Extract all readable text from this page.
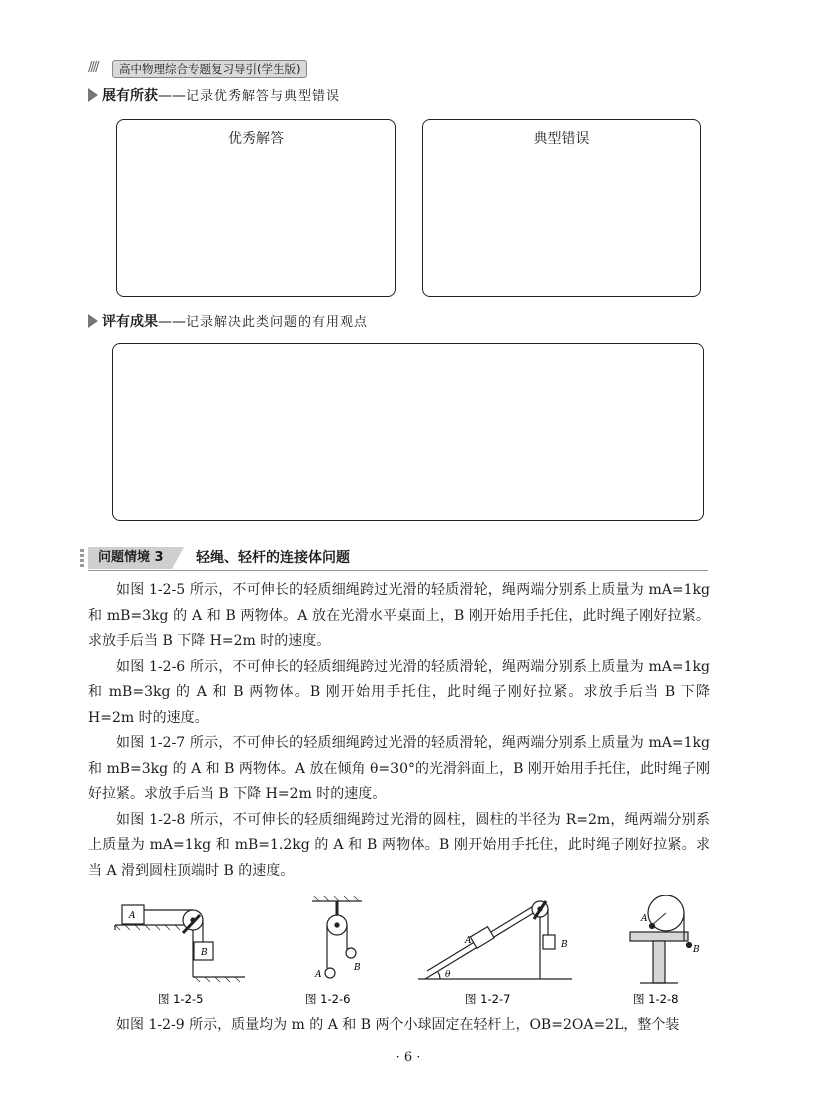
////	高中物理综合专题复习导引(学生版)
展有所获——记录优秀解答与典型错误
优秀解答	典型错误
评有成果——记录解决此类问题的有用观点
问题情境 3	轻绳、轻杆的连接体问题

如图 1-2-5 所示，不可伸长的轻质细绳跨过光滑的轻质滑轮，绳两端分别系上质量为 mA=1kg 和 mB=3kg 的 A 和 B 两物体。A 放在光滑水平桌面上，B 刚开始用手托住，此时绳子刚好拉紧。求放手后当 B 下降 H=2m 时的速度。

如图 1-2-6 所示，不可伸长的轻质细绳跨过光滑的轻质滑轮，绳两端分别系上质量为 mA=1kg 和 mB=3kg 的 A 和 B 两物体。B 刚开始用手托住，此时绳子刚好拉紧。求放手后当 B 下降 H=2m 时的速度。

如图 1-2-7 所示，不可伸长的轻质细绳跨过光滑的轻质滑轮，绳两端分别系上质量为 mA=1kg 和 mB=3kg 的 A 和 B 两物体。A 放在倾角 θ=30°的光滑斜面上，B 刚开始用手托住，此时绳子刚好拉紧。求放手后当 B 下降 H=2m 时的速度。

如图 1-2-8 所示，不可伸长的轻质细绳跨过光滑的圆柱，圆柱的半径为 R=2m，绳两端分别系上质量为 mA=1kg 和 mB=1.2kg 的 A 和 B 两物体。B 刚开始用手托住，此时绳子刚好拉紧。求当 A 滑到圆柱顶端时 B 的速度。

A
B
图 1-2-5
B
A
图 1-2-6
A	B
θ
图 1-2-7
A
B
图 1-2-8

如图 1-2-9 所示，质量均为 m 的 A 和 B 两个小球固定在轻杆上，OB=2OA=2L，整个装

· 6 ·
